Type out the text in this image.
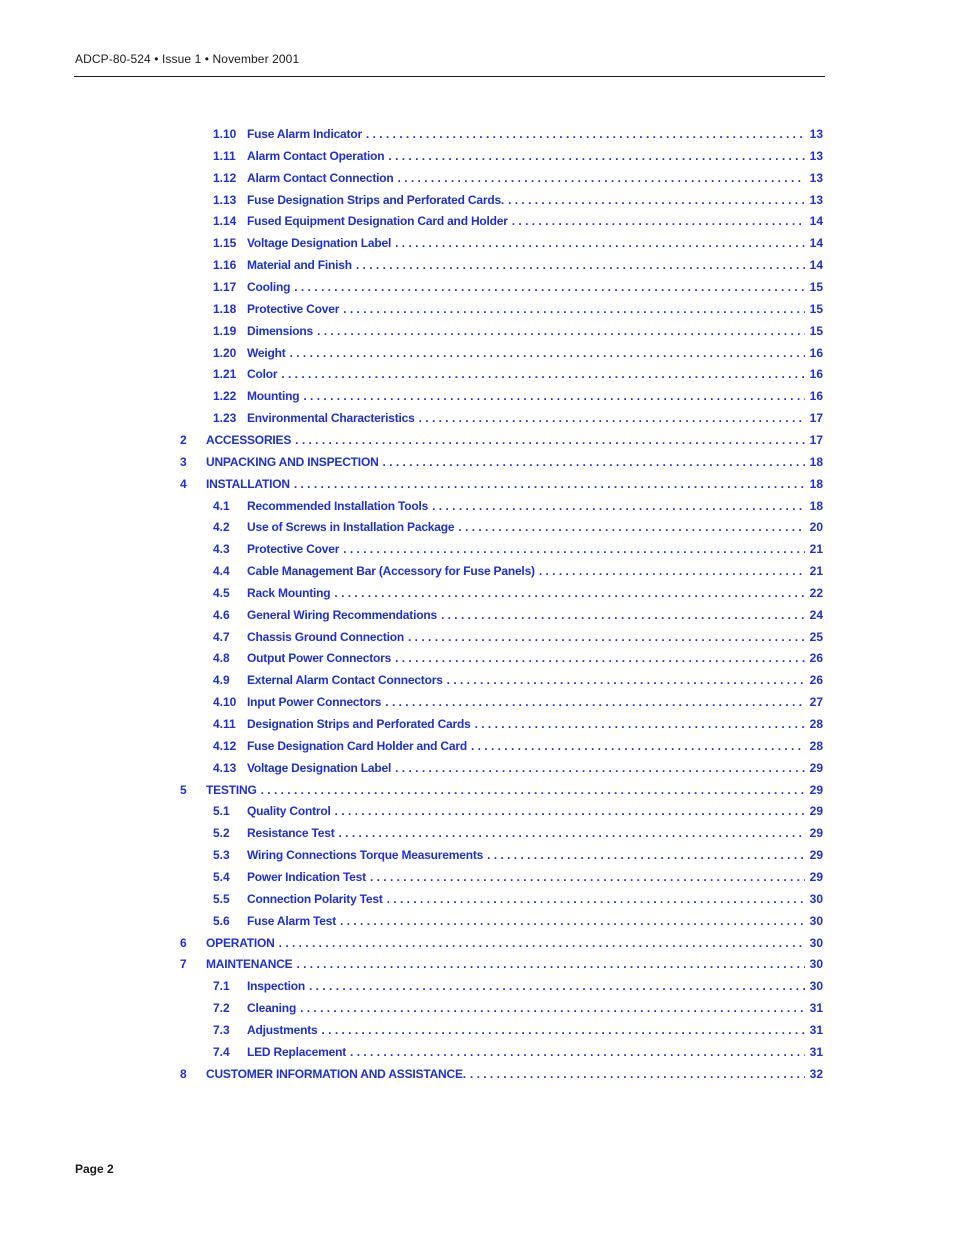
ADCP-80-524 • Issue 1 • November 2001
1.10 Fuse Alarm Indicator . . .	13
1.11 Alarm Contact Operation . . .	13
1.12 Alarm Contact Connection . . .	13
1.13 Fuse Designation Strips and Perforated Cards. . . .	13
1.14 Fused Equipment Designation Card and Holder . . .	14
1.15 Voltage Designation Label . . .	14
1.16 Material and Finish . . .	14
1.17 Cooling . . .	15
1.18 Protective Cover . . .	15
1.19 Dimensions . . .	15
1.20 Weight . . .	16
1.21 Color . . .	16
1.22 Mounting . . .	16
1.23 Environmental Characteristics . . .	17
2	ACCESSORIES . . .	17
3	UNPACKING AND INSPECTION . . .	18
4	INSTALLATION . . .	18
4.1	Recommended Installation Tools . . .	18
4.2	Use of Screws in Installation Package . . .	20
4.3	Protective Cover . . .	21
4.4	Cable Management Bar (Accessory for Fuse Panels) . . .	21
4.5	Rack Mounting . . .	22
4.6	General Wiring Recommendations . . .	24
4.7	Chassis Ground Connection . . .	25
4.8	Output Power Connectors . . .	26
4.9	External Alarm Contact Connectors . . .	26
4.10 Input Power Connectors . . .	27
4.11 Designation Strips and Perforated Cards . . .	28
4.12 Fuse Designation Card Holder and Card . . .	28
4.13 Voltage Designation Label . . .	29
5	TESTING . . .	29
5.1	Quality Control . . .	29
5.2	Resistance Test . . .	29
5.3	Wiring Connections Torque Measurements . . .	29
5.4	Power Indication Test . . .	29
5.5	Connection Polarity Test . . .	30
5.6	Fuse Alarm Test . . .	30
6	OPERATION . . .	30
7	MAINTENANCE . . .	30
7.1	Inspection . . .	30
7.2	Cleaning . . .	31
7.3	Adjustments . . .	31
7.4	LED Replacement . . .	31
8	CUSTOMER INFORMATION AND ASSISTANCE. . . .	32
Page 2
